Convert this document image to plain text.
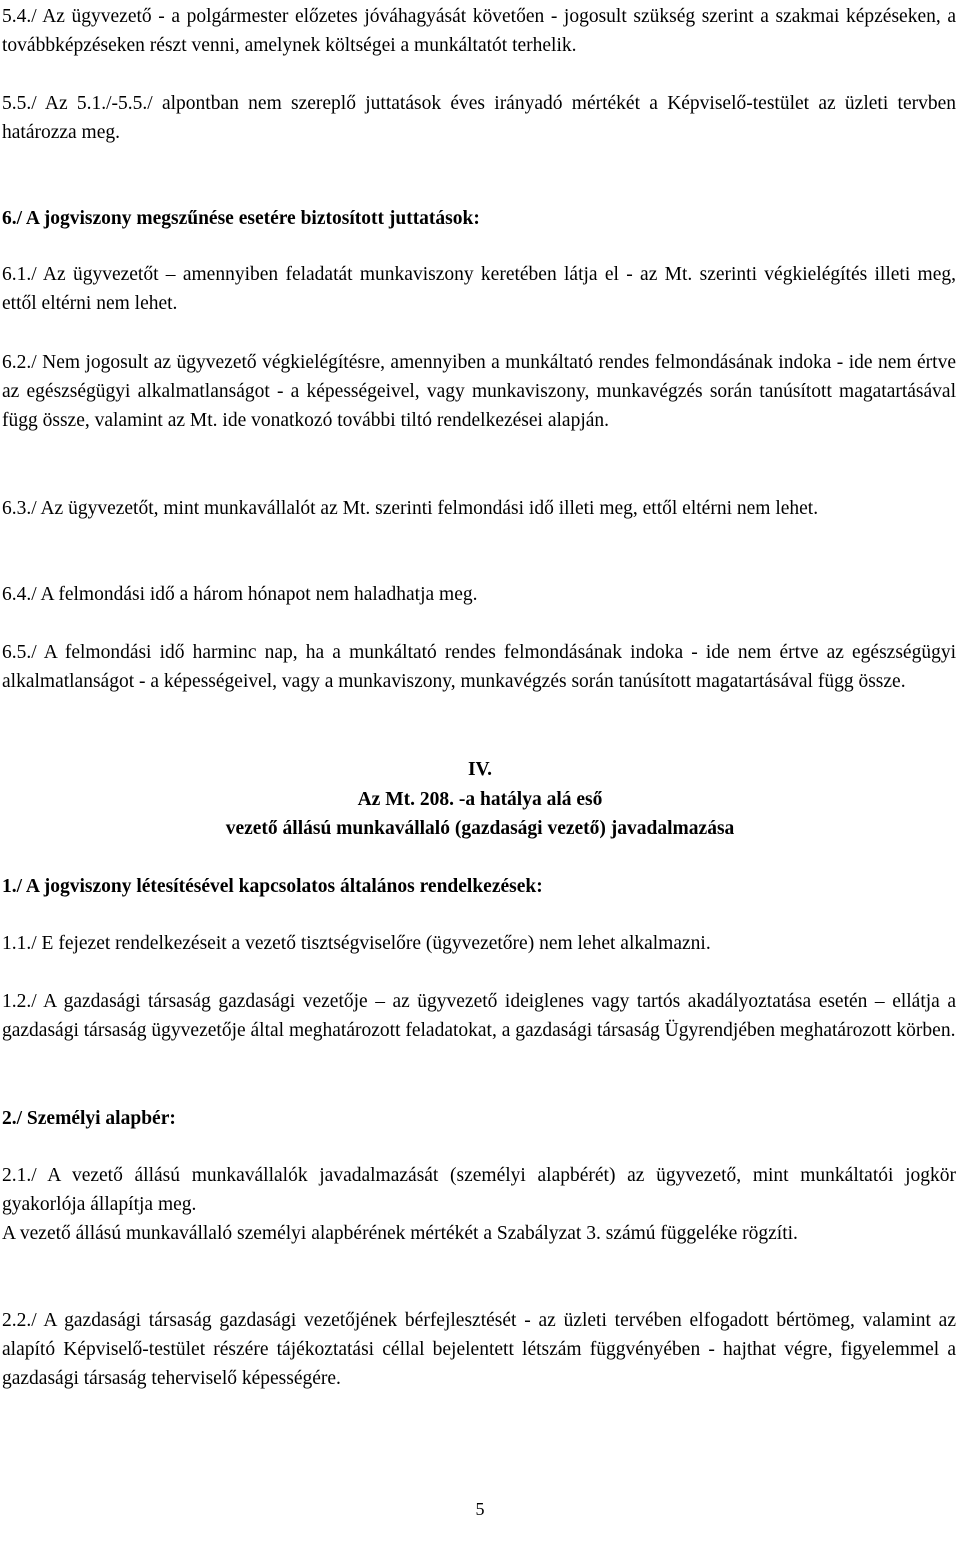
5.4./ Az ügyvezető - a polgármester előzetes jóváhagyását követően - jogosult szükség szerint a szakmai képzéseken, a továbbképzéseken részt venni, amelynek költségei a munkáltatót terhelik.

5.5./ Az 5.1./-5.5./ alpontban nem szereplő juttatások éves irányadó mértékét a Képviselő-testület az üzleti tervben határozza meg.

6./ A jogviszony megszűnése esetére biztosított juttatások:

6.1./ Az ügyvezetőt – amennyiben feladatát munkaviszony keretében látja el - az Mt. szerinti végkielégítés illeti meg, ettől eltérni nem lehet.

6.2./ Nem jogosult az ügyvezető végkielégítésre, amennyiben a munkáltató rendes felmondásának indoka - ide nem értve az egészségügyi alkalmatlanságot - a képességeivel, vagy munkaviszony, munkavégzés során tanúsított magatartásával függ össze, valamint az Mt. ide vonatkozó további tiltó rendelkezései alapján.

6.3./ Az ügyvezetőt, mint munkavállalót az Mt. szerinti felmondási idő illeti meg, ettől eltérni nem lehet.

6.4./ A felmondási idő a három hónapot nem haladhatja meg.

6.5./ A felmondási idő harminc nap, ha a munkáltató rendes felmondásának indoka - ide nem értve az egészségügyi alkalmatlanságot - a képességeivel, vagy a munkaviszony, munkavégzés során tanúsított magatartásával függ össze.

IV.

Az Mt. 208. -a hatálya alá eső

vezető állású munkavállaló (gazdasági vezető) javadalmazása

1./ A jogviszony létesítésével kapcsolatos általános rendelkezések:

1.1./ E fejezet rendelkezéseit a vezető tisztségviselőre (ügyvezetőre) nem lehet alkalmazni.

1.2./ A gazdasági társaság gazdasági vezetője – az ügyvezető ideiglenes vagy tartós akadályoztatása esetén – ellátja a gazdasági társaság ügyvezetője által meghatározott feladatokat, a gazdasági társaság Ügyrendjében meghatározott körben.

2./ Személyi alapbér:

2.1./ A vezető állású munkavállalók javadalmazását (személyi alapbérét) az ügyvezető, mint munkáltatói jogkör gyakorlója állapítja meg.

A vezető állású munkavállaló személyi alapbérének mértékét a Szabályzat 3. számú függeléke rögzíti.

2.2./ A gazdasági társaság gazdasági vezetőjének bérfejlesztését - az üzleti tervében elfogadott bértömeg, valamint az alapító Képviselő-testület részére tájékoztatási céllal bejelentett létszám függvényében - hajthat végre, figyelemmel a gazdasági társaság teherviselő képességére.

5
